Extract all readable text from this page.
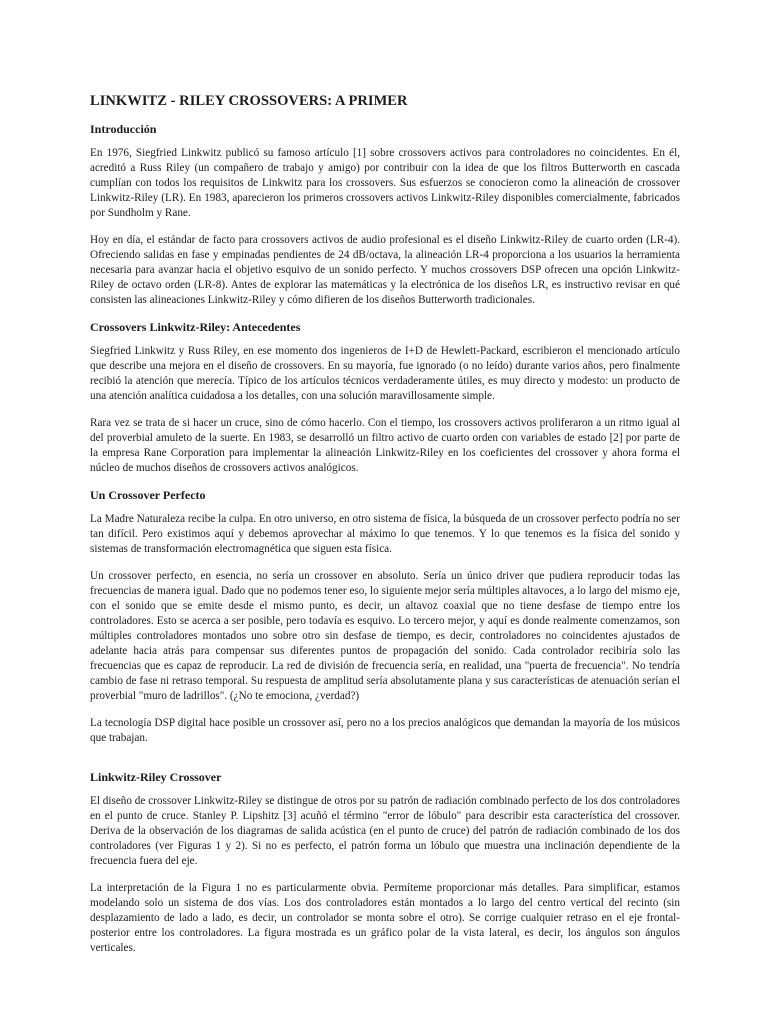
LINKWITZ - RILEY CROSSOVERS: A PRIMER
Introducción

En 1976, Siegfried Linkwitz publicó su famoso artículo [1] sobre crossovers activos para controladores no coincidentes. En él, acreditó a Russ Riley (un compañero de trabajo y amigo) por contribuir con la idea de que los filtros Butterworth en cascada cumplían con todos los requisitos de Linkwitz para los crossovers. Sus esfuerzos se conocieron como la alineación de crossover Linkwitz-Riley (LR). En 1983, aparecieron los primeros crossovers activos Linkwitz-Riley disponibles comercialmente, fabricados por Sundholm y Rane.

Hoy en día, el estándar de facto para crossovers activos de audio profesional es el diseño Linkwitz-Riley de cuarto orden (LR-4). Ofreciendo salidas en fase y empinadas pendientes de 24 dB/octava, la alineación LR-4 proporciona a los usuarios la herramienta necesaria para avanzar hacia el objetivo esquivo de un sonido perfecto. Y muchos crossovers DSP ofrecen una opción Linkwitz-Riley de octavo orden (LR-8). Antes de explorar las matemáticas y la electrónica de los diseños LR, es instructivo revisar en qué consisten las alineaciones Linkwitz-Riley y cómo difieren de los diseños Butterworth tradicionales.

Crossovers Linkwitz-Riley: Antecedentes

Siegfried Linkwitz y Russ Riley, en ese momento dos ingenieros de I+D de Hewlett-Packard, escribieron el mencionado artículo que describe una mejora en el diseño de crossovers. En su mayoría, fue ignorado (o no leído) durante varios años, pero finalmente recibió la atención que merecía. Típico de los artículos técnicos verdaderamente útiles, es muy directo y modesto: un producto de una atención analítica cuidadosa a los detalles, con una solución maravillosamente simple.

Rara vez se trata de si hacer un cruce, sino de cómo hacerlo. Con el tiempo, los crossovers activos proliferaron a un ritmo igual al del proverbial amuleto de la suerte. En 1983, se desarrolló un filtro activo de cuarto orden con variables de estado [2] por parte de la empresa Rane Corporation para implementar la alineación Linkwitz-Riley en los coeficientes del crossover y ahora forma el núcleo de muchos diseños de crossovers activos analógicos.

Un Crossover Perfecto

La Madre Naturaleza recibe la culpa. En otro universo, en otro sistema de física, la búsqueda de un crossover perfecto podría no ser tan difícil. Pero existimos aquí y debemos aprovechar al máximo lo que tenemos. Y lo que tenemos es la física del sonido y sistemas de transformación electromagnética que siguen esta física.

Un crossover perfecto, en esencia, no sería un crossover en absoluto. Sería un único driver que pudiera reproducir todas las frecuencias de manera igual. Dado que no podemos tener eso, lo siguiente mejor sería múltiples altavoces, a lo largo del mismo eje, con el sonido que se emite desde el mismo punto, es decir, un altavoz coaxial que no tiene desfase de tiempo entre los controladores. Esto se acerca a ser posible, pero todavía es esquivo. Lo tercero mejor, y aquí es donde realmente comenzamos, son múltiples controladores montados uno sobre otro sin desfase de tiempo, es decir, controladores no coincidentes ajustados de adelante hacia atrás para compensar sus diferentes puntos de propagación del sonido. Cada controlador recibiría solo las frecuencias que es capaz de reproducir. La red de división de frecuencia sería, en realidad, una "puerta de frecuencia". No tendría cambio de fase ni retraso temporal. Su respuesta de amplitud sería absolutamente plana y sus características de atenuación serían el proverbial "muro de ladrillos". (¿No te emociona, ¿verdad?)

La tecnología DSP digital hace posible un crossover así, pero no a los precios analógicos que demandan la mayoría de los músicos que trabajan.

Linkwitz-Riley Crossover

El diseño de crossover Linkwitz-Riley se distingue de otros por su patrón de radiación combinado perfecto de los dos controladores en el punto de cruce. Stanley P. Lipshitz [3] acuñó el término "error de lóbulo" para describir esta característica del crossover. Deriva de la observación de los diagramas de salida acústica (en el punto de cruce) del patrón de radiación combinado de los dos controladores (ver Figuras 1 y 2). Si no es perfecto, el patrón forma un lóbulo que muestra una inclinación dependiente de la frecuencia fuera del eje.

La interpretación de la Figura 1 no es particularmente obvia. Permíteme proporcionar más detalles. Para simplificar, estamos modelando solo un sistema de dos vías. Los dos controladores están montados a lo largo del centro vertical del recinto (sin desplazamiento de lado a lado, es decir, un controlador se monta sobre el otro). Se corrige cualquier retraso en el eje frontal-posterior entre los controladores. La figura mostrada es un gráfico polar de la vista lateral, es decir, los ángulos son ángulos verticales.
